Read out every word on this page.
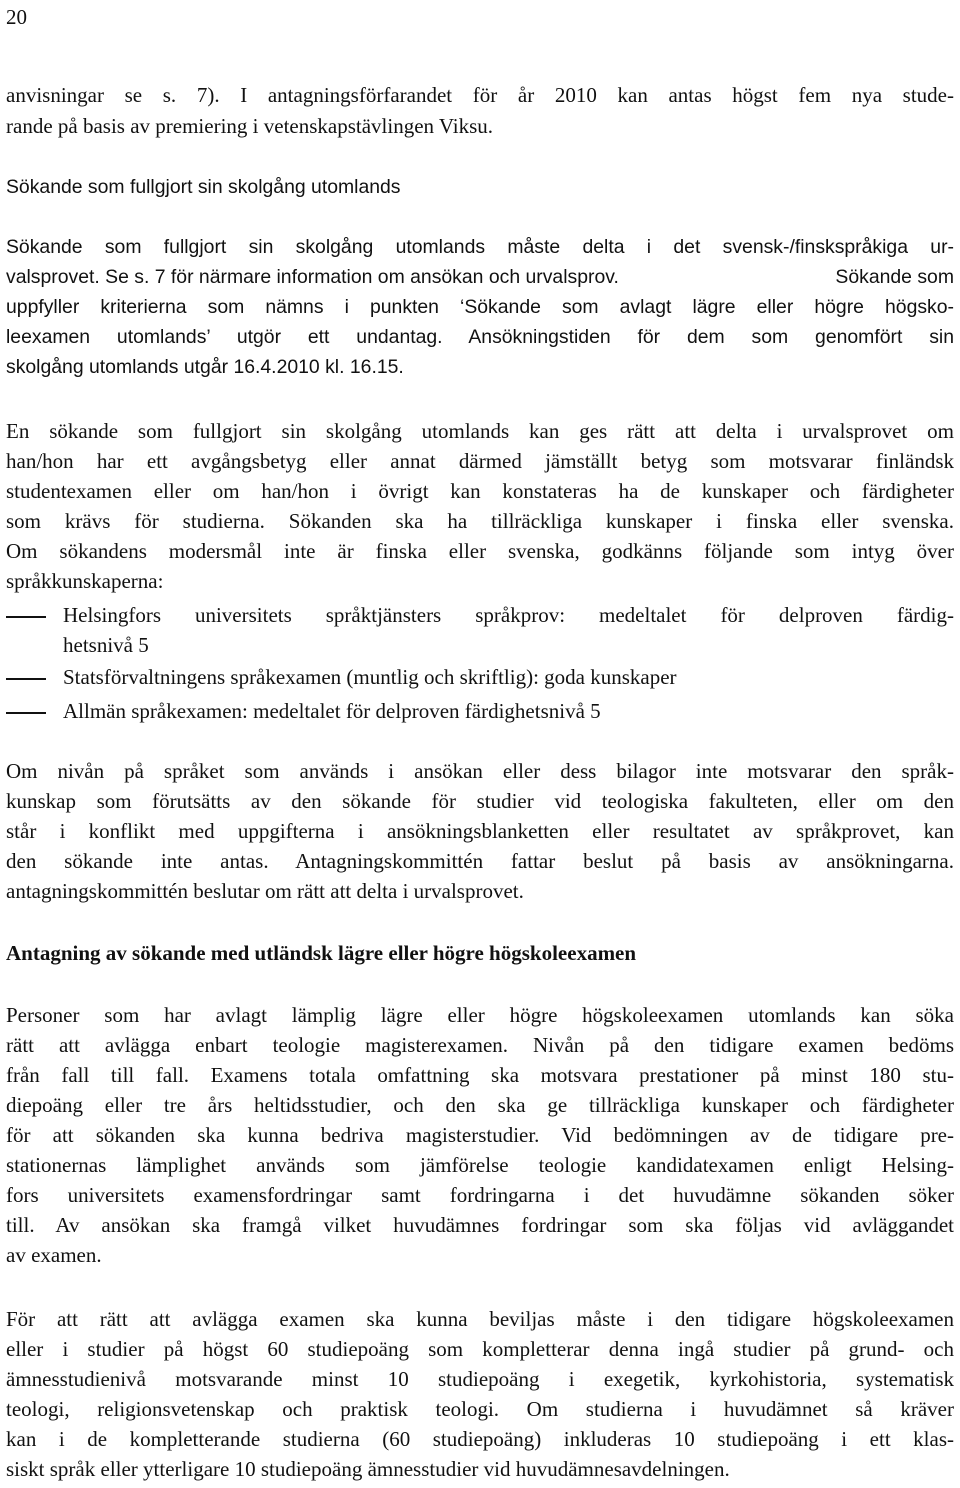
20
anvisningar se s. 7). I antagningsförfarandet för år 2010 kan antas högst fem nya stude-
rande på basis av premiering i vetenskapstävlingen Viksu.
Sökande som fullgjort sin skolgång utomlands
Sökande som fullgjort sin skolgång utomlands måste delta i det svensk-/finskspråkiga ur-
valsprovet. Se s. 7 för närmare information om ansökan och urvalsprov.	Sökande som
uppfyller kriterierna som nämns i punkten ‘Sökande som avlagt lägre eller högre högsko-
leexamen utomlands’ utgör ett undantag. Ansökningstiden för dem som genomfört sin
skolgång utomlands utgår 16.4.2010 kl. 16.15.
En sökande som fullgjort sin skolgång utomlands kan ges rätt att delta i urvalsprovet om
han/hon har ett avgångsbetyg eller annat därmed jämställt betyg som motsvarar finländsk
studentexamen eller om han/hon i övrigt kan konstateras ha de kunskaper och färdigheter
som krävs för studierna. Sökanden ska ha tillräckliga kunskaper i finska eller svenska.
Om sökandens modersmål inte är finska eller svenska, godkänns följande som intyg över
språkkunskaperna:
Helsingfors universitets språktjänsters språkprov: medeltalet för delproven färdig-
hetsnivå 5
Statsförvaltningens språkexamen (muntlig och skriftlig): goda kunskaper
Allmän språkexamen: medeltalet för delproven färdighetsnivå 5
Om nivån på språket som används i ansökan eller dess bilagor inte motsvarar den språk-
kunskap som förutsätts av den sökande för studier vid teologiska fakulteten, eller om den
står i konflikt med uppgifterna i ansökningsblanketten eller resultatet av språkprovet, kan
den sökande inte antas. Antagningskommittén fattar beslut på basis av ansökningarna.
antagningskommittén beslutar om rätt att delta i urvalsprovet.
Antagning av sökande med utländsk lägre eller högre högskoleexamen
Personer som har avlagt lämplig lägre eller högre högskoleexamen utomlands kan söka
rätt att avlägga enbart teologie magisterexamen. Nivån på den tidigare examen bedöms
från fall till fall. Examens totala omfattning ska motsvara prestationer på minst 180 stu-
diepoäng eller tre års heltidsstudier, och den ska ge tillräckliga kunskaper och färdigheter
för att sökanden ska kunna bedriva magisterstudier. Vid bedömningen av de tidigare pre-
stationernas lämplighet används som jämförelse teologie kandidatexamen enligt Helsing-
fors universitets examensfordringar samt fordringarna i det huvudämne sökanden söker
till. Av ansökan ska framgå vilket huvudämnes fordringar som ska följas vid avläggandet
av examen.
För att rätt att avlägga examen ska kunna beviljas måste i den tidigare högskoleexamen
eller i studier på högst 60 studiepoäng som kompletterar denna ingå studier på grund- och
ämnesstudienivå motsvarande minst 10 studiepoäng i exegetik, kyrkohistoria, systematisk
teologi, religionsvetenskap och praktisk teologi. Om studierna i huvudämnet så kräver
kan i de kompletterande studierna (60 studiepoäng) inkluderas 10 studiepoäng i ett klas-
siskt språk eller ytterligare 10 studiepoäng ämnesstudier vid huvudämnesavdelningen.
